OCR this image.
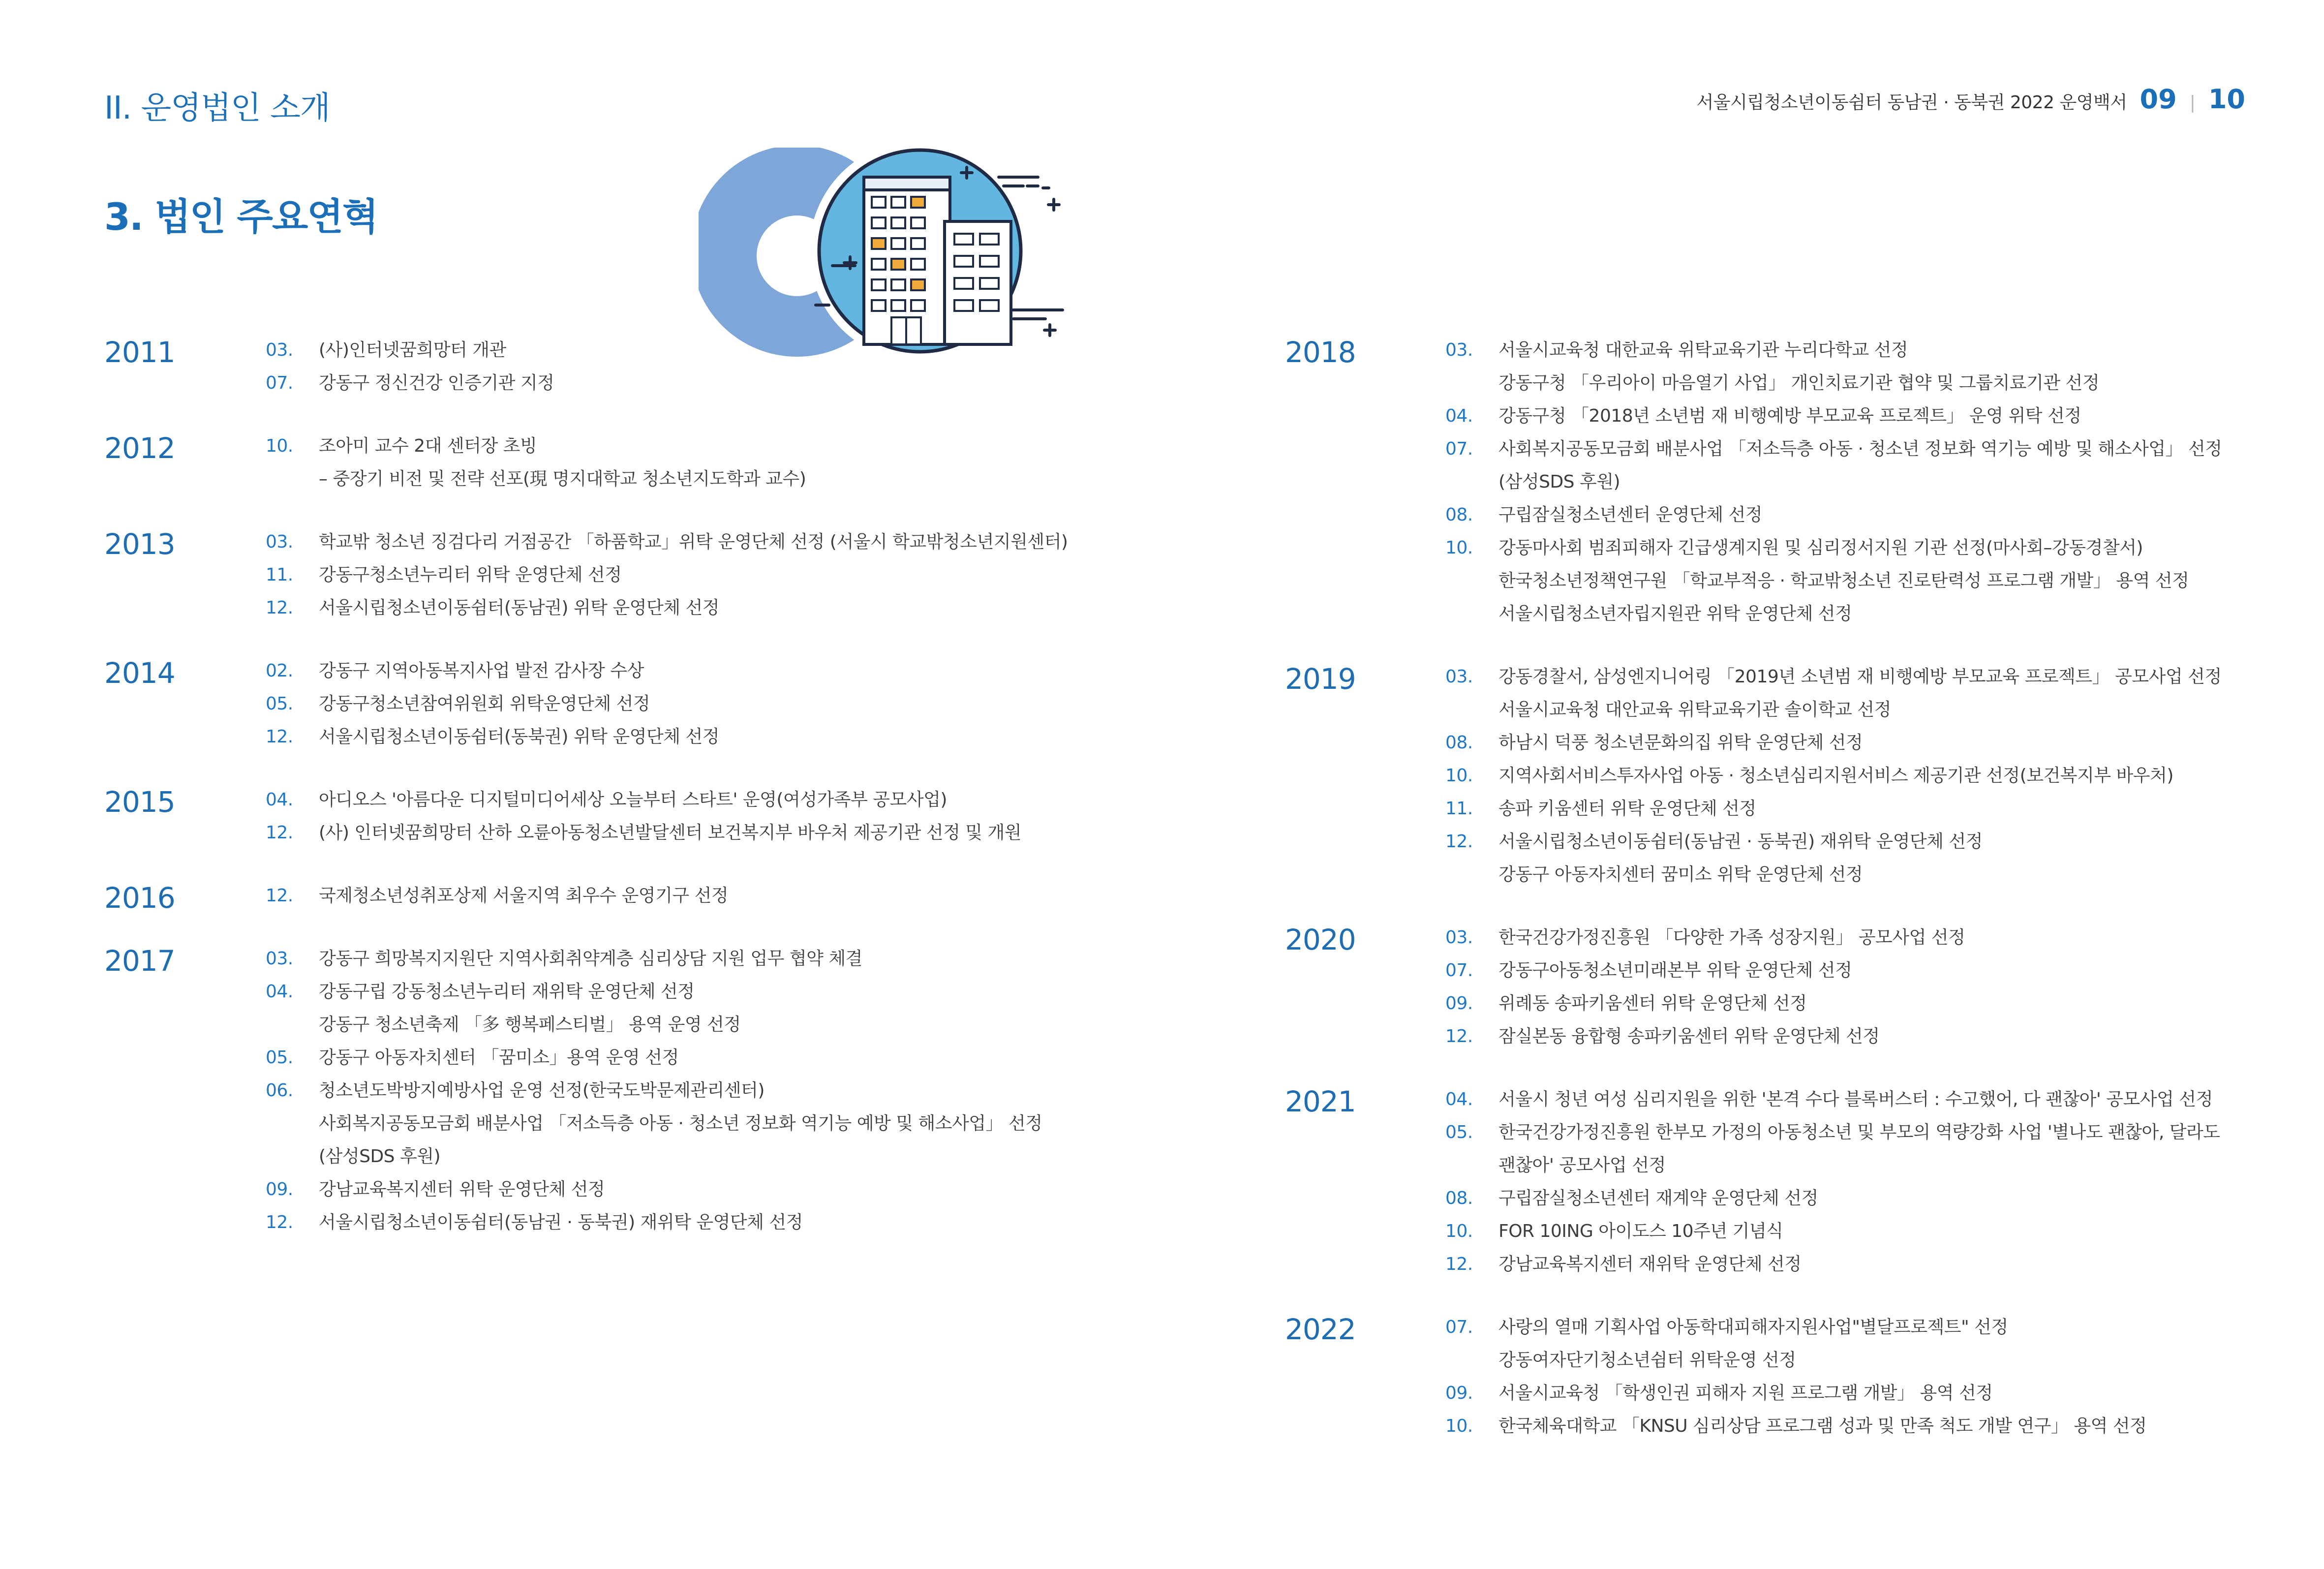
II. 운영법인 소개	서울시립청소년이동쉼터 동남권 · 동북권 2022 운영백서 09 | 10
3. 법인 주요연혁
2011	03. (사)인터넷꿈희망터 개관
07. 강동구 정신건강 인증기관 지정
2012	10. 조아미 교수 2대 센터장 초빙
– 중장기 비전 및 전략 선포(現 명지대학교 청소년지도학과 교수)
2013	03. 학교밖 청소년 징검다리 거점공간 「하품학교」위탁 운영단체 선정 (서울시 학교밖청소년지원센터)
11. 강동구청소년누리터 위탁 운영단체 선정
12. 서울시립청소년이동쉼터(동남권) 위탁 운영단체 선정
2014	02. 강동구 지역아동복지사업 발전 감사장 수상
05. 강동구청소년참여위원회 위탁운영단체 선정
12. 서울시립청소년이동쉼터(동북권) 위탁 운영단체 선정
2015	04. 아디오스 '아름다운 디지털미디어세상 오늘부터 스타트' 운영(여성가족부 공모사업)
12. (사) 인터넷꿈희망터 산하 오륜아동청소년발달센터 보건복지부 바우처 제공기관 선정 및 개원
2016	12. 국제청소년성취포상제 서울지역 최우수 운영기구 선정
2017	03. 강동구 희망복지지원단 지역사회취약계층 심리상담 지원 업무 협약 체결
04. 강동구립 강동청소년누리터 재위탁 운영단체 선정
강동구 청소년축제 「多 행복페스티벌」 용역 운영 선정
05. 강동구 아동자치센터 「꿈미소」용역 운영 선정
06. 청소년도박방지예방사업 운영 선정(한국도박문제관리센터)
사회복지공동모금회 배분사업 「저소득층 아동 · 청소년 정보화 역기능 예방 및 해소사업」 선정
(삼성SDS 후원)
09. 강남교육복지센터 위탁 운영단체 선정
12. 서울시립청소년이동쉼터(동남권 · 동북권) 재위탁 운영단체 선정
2018	03. 서울시교육청 대한교육 위탁교육기관 누리다학교 선정
강동구청 「우리아이 마음열기 사업」 개인치료기관 협약 및 그룹치료기관 선정
04. 강동구청 「2018년 소년범 재 비행예방 부모교육 프로젝트」 운영 위탁 선정
07. 사회복지공동모금회 배분사업 「저소득층 아동 · 청소년 정보화 역기능 예방 및 해소사업」 선정
(삼성SDS 후원)
08. 구립잠실청소년센터 운영단체 선정
10. 강동마사회 범죄피해자 긴급생계지원 및 심리정서지원 기관 선정(마사회–강동경찰서)
한국청소년정책연구원 「학교부적응 · 학교밖청소년 진로탄력성 프로그램 개발」 용역 선정
서울시립청소년자립지원관 위탁 운영단체 선정
2019	03. 강동경찰서, 삼성엔지니어링 「2019년 소년범 재 비행예방 부모교육 프로젝트」 공모사업 선정
서울시교육청 대안교육 위탁교육기관 솔이학교 선정
08. 하남시 덕풍 청소년문화의집 위탁 운영단체 선정
10. 지역사회서비스투자사업 아동 · 청소년심리지원서비스 제공기관 선정(보건복지부 바우처)
11. 송파 키움센터 위탁 운영단체 선정
12. 서울시립청소년이동쉼터(동남권 · 동북권) 재위탁 운영단체 선정
강동구 아동자치센터 꿈미소 위탁 운영단체 선정
2020	03. 한국건강가정진흥원 「다양한 가족 성장지원」 공모사업 선정
07. 강동구아동청소년미래본부 위탁 운영단체 선정
09. 위례동 송파키움센터 위탁 운영단체 선정
12. 잠실본동 융합형 송파키움센터 위탁 운영단체 선정
2021	04. 서울시 청년 여성 심리지원을 위한 '본격 수다 블록버스터 : 수고했어, 다 괜찮아' 공모사업 선정
05. 한국건강가정진흥원 한부모 가정의 아동청소년 및 부모의 역량강화 사업 '별나도 괜찮아, 달라도
괜찮아' 공모사업 선정
08. 구립잠실청소년센터 재계약 운영단체 선정
10. FOR 10ING 아이도스 10주년 기념식
12. 강남교육복지센터 재위탁 운영단체 선정
2022	07. 사랑의 열매 기획사업 아동학대피해자지원사업"별달프로젝트" 선정
강동여자단기청소년쉼터 위탁운영 선정
09. 서울시교육청 「학생인권 피해자 지원 프로그램 개발」 용역 선정
10. 한국체육대학교 「KNSU 심리상담 프로그램 성과 및 만족 척도 개발 연구」 용역 선정
